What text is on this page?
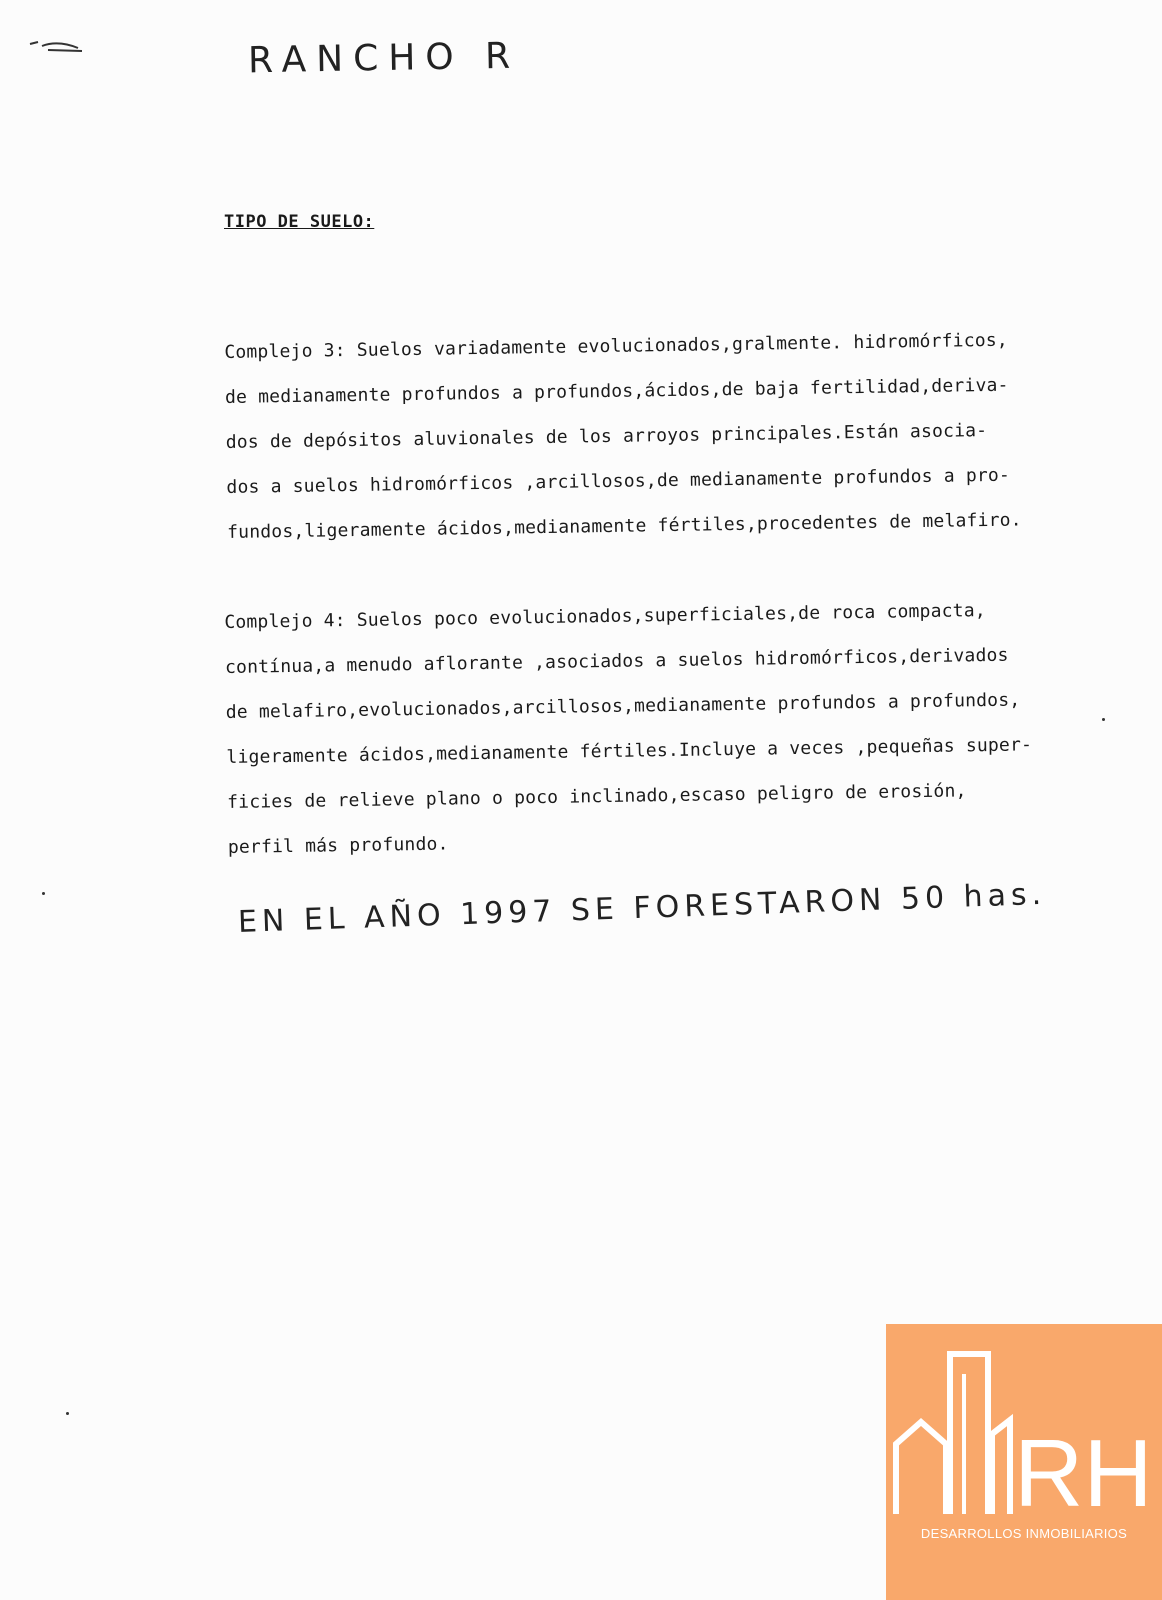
RANCHO R
TIPO DE SUELO:
Complejo 3: Suelos variadamente evolucionados,gralmente. hidromórficos,
de medianamente profundos a profundos,ácidos,de baja fertilidad,deriva-
dos de depósitos aluvionales de los arroyos principales.Están asocia-
dos a suelos hidromórficos ,arcillosos,de medianamente profundos a pro-
fundos,ligeramente ácidos,medianamente fértiles,procedentes de melafiro.
Complejo 4: Suelos poco evolucionados,superficiales,de roca compacta,
contínua,a menudo aflorante ,asociados a suelos hidromórficos,derivados
de melafiro,evolucionados,arcillosos,medianamente profundos a profundos,
ligeramente ácidos,medianamente fértiles.Incluye a veces ,pequeñas super-
ficies de relieve plano o poco inclinado,escaso peligro de erosión,
perfil más profundo.
EN EL AÑO 1997 SE FORESTARON 50 has.
RH
DESARROLLOS INMOBILIARIOS
